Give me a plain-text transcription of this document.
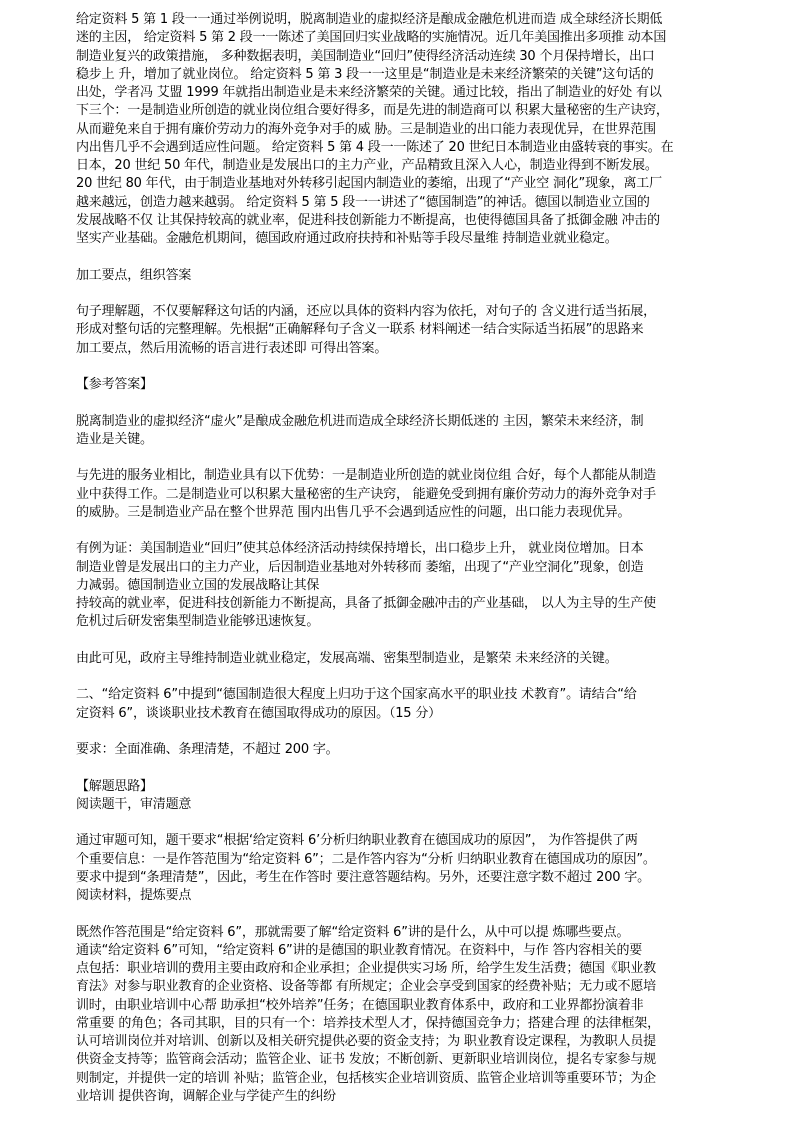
给定资料 5 第 1 段一一通过举例说明，脱离制造业的虚拟经济是酿成金融危机进而造 成全球经济长期低
迷的主因， 给定资料 5 第 2 段一一陈述了美国回归实业战略的实施情况。近几年美国推出多项推 动本国
制造业复兴的政策措施， 多种数据表明，美国制造业“回归”使得经济活动连续 30 个月保持增长，出口
稳步上 升，增加了就业岗位。 给定资料 5 第 3 段一一这里是“制造业是未来经济繁荣的关键”这句话的
出处，学者冯 艾盟 1999 年就指出制造业是未来经济繁荣的关键。通过比较，指出了制造业的好处 有以
下三个：一是制造业所创造的就业岗位组合要好得多，而是先进的制造商可以 积累大量秘密的生产诀窍，
从而避免来自于拥有廉价劳动力的海外竞争对手的威 胁。三是制造业的出口能力表现优异，在世界范围
内出售几乎不会遇到适应性问题。 给定资料 5 第 4 段一一陈述了 20 世纪日本制造业由盛转衰的事实。在
日本，20 世纪 50 年代，制造业是发展出口的主力产业，产品精致且深入人心，制造业得到不断发展。
20 世纪 80 年代，由于制造业基地对外转移引起国内制造业的萎缩，出现了“产业空 洞化”现象，离工厂
越来越远，创造力越来越弱。 给定资料 5 第 5 段一一讲述了“德国制造”的神话。德国以制造业立国的
发展战略不仅 让其保持较高的就业率，促进科技创新能力不断提高，也使得德国具备了抵御金融 冲击的
坚实产业基础。金融危机期间，德国政府通过政府扶持和补贴等手段尽量维 持制造业就业稳定。
加工要点，组织答案
句子理解题，不仅要解释这句话的内涵，还应以具体的资料内容为依托，对句子的 含义进行适当拓展，
形成对整句话的完整理解。先根据“正确解释句子含义一联系 材料阐述一结合实际适当拓展”的思路来
加工要点，然后用流畅的语言进行表述即 可得出答案。
【参考答案】
脱离制造业的虚拟经济“虚火”是酿成金融危机进而造成全球经济长期低迷的 主因，繁荣未来经济，制
造业是关键。
与先进的服务业相比，制造业具有以下优势：一是制造业所创造的就业岗位组 合好，每个人都能从制造
业中获得工作。二是制造业可以积累大量秘密的生产诀窍， 能避免受到拥有廉价劳动力的海外竞争对手
的威胁。三是制造业产品在整个世界范 围内出售几乎不会遇到适应性的问题，出口能力表现优异。
有例为证：美国制造业“回归”使其总体经济活动持续保持增长，出口稳步上升， 就业岗位增加。日本
制造业曾是发展出口的主力产业，后因制造业基地对外转移而 萎缩，出现了“产业空洞化”现象，创造
力减弱。德国制造业立国的发展战略让其保
持较高的就业率，促进科技创新能力不断提高，具备了抵御金融冲击的产业基础， 以人为主导的生产使
危机过后研发密集型制造业能够迅速恢复。
由此可见，政府主导维持制造业就业稳定，发展高端、密集型制造业，是繁荣 未来经济的关键。
二、“给定资料 6”中提到“德国制造很大程度上归功于这个国家高水平的职业技 术教育”。请结合“给
定资料 6”，谈谈职业技术教育在德国取得成功的原因。（15 分）
要求：全面准确、条理清楚，不超过 200 字。
【解题思路】
阅读题干，审清题意
通过审题可知，题干要求“根据‘给定资料 6’分析归纳职业教育在德国成功的原因”， 为作答提供了两
个重要信息：一是作答范围为“给定资料 6”；二是作答内容为“分析 归纳职业教育在德国成功的原因”。
要求中提到“条理清楚”，因此，考生在作答时 要注意答题结构。另外，还要注意字数不超过 200 字。
阅读材料，提炼要点
既然作答范围是“给定资料 6”，那就需要了解“给定资料 6”讲的是什么，从中可以提 炼哪些要点。
通读“给定资料 6”可知，“给定资料 6”讲的是德国的职业教育情况。在资料中，与作 答内容相关的要
点包括：职业培训的费用主要由政府和企业承担；企业提供实习场 所，给学生发生活费；德国《职业教
育法》对参与职业教育的企业资格、设备等都 有所规定；企业会享受到国家的经费补贴；无力或不愿培
训时，由职业培训中心帮 助承担“校外培养”任务；在德国职业教育体系中，政府和工业界都扮演着非
常重要 的角色；各司其职，目的只有一个：培养技术型人才，保持德国竞争力；搭建合理 的法律框架，
认可培训岗位并对培训、创新以及相关研究提供必要的资金支持；为 职业教育设定课程，为教职人员提
供资金支持等；监管商会活动；监管企业、证书 发放；不断创新、更新职业培训岗位，提名专家参与规
则制定，并提供一定的培训 补贴；监管企业，包括核实企业培训资质、监管企业培训等重要环节；为企
业培训 提供咨询，调解企业与学徒产生的纠纷
